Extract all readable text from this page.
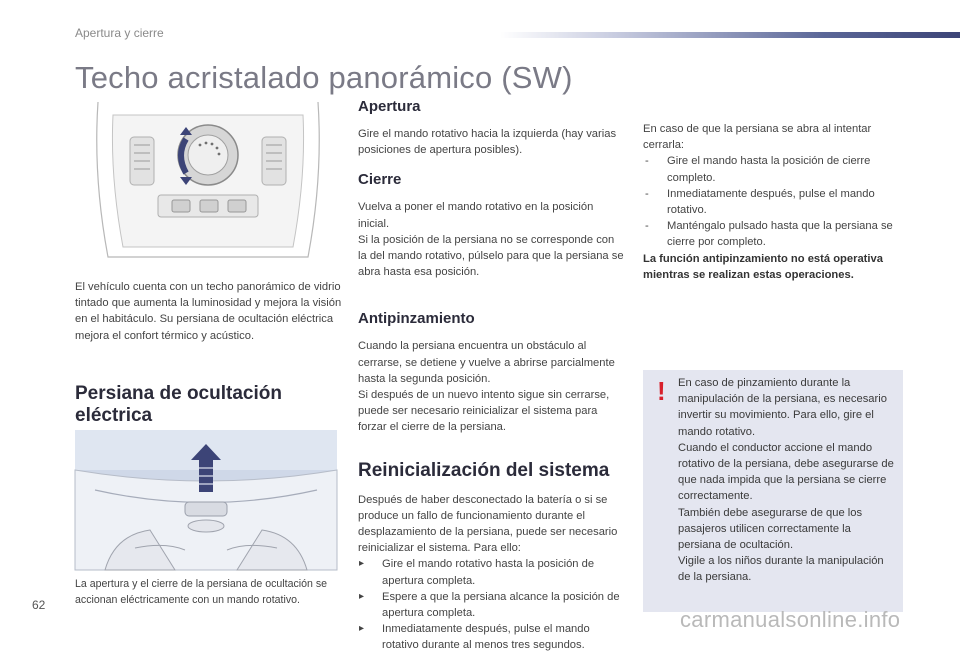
Apertura y cierre
Techo acristalado panorámico (SW)

El vehículo cuenta con un techo panorámico de vidrio tintado que aumenta la luminosidad y mejora la visión en el habitáculo. Su persiana de ocultación eléctrica mejora el confort térmico y acústico.

Persiana de ocultación
eléctrica

La apertura y el cierre de la persiana de ocultación se accionan eléctricamente con un mando rotativo.

Apertura

Gire el mando rotativo hacia la izquierda (hay varias posiciones de apertura posibles).

Cierre

Vuelva a poner el mando rotativo en la posición inicial.

Si la posición de la persiana no se corresponde con la del mando rotativo, púlselo para que la persiana se abra hasta esa posición.

Antipinzamiento

Cuando la persiana encuentra un obstáculo al cerrarse, se detiene y vuelve a abrirse parcialmente hasta la segunda posición.

Si después de un nuevo intento sigue sin cerrarse, puede ser necesario reinicializar el sistema para forzar el cierre de la persiana.

Reinicialización del sistema

Después de haber desconectado la batería o si se produce un fallo de funcionamiento durante el desplazamiento de la persiana, puede ser necesario reinicializar el sistema. Para ello:

▸ Gire el mando rotativo hasta la posición de apertura completa.
▸ Espere a que la persiana alcance la posición de apertura completa.
▸ Inmediatamente después, pulse el mando rotativo durante al menos tres segundos.

En caso de que la persiana se abra al intentar cerrarla:

- Gire el mando hasta la posición de cierre completo.
- Inmediatamente después, pulse el mando rotativo.
- Manténgalo pulsado hasta que la persiana se cierre por completo.

La función antipinzamiento no está operativa mientras se realizan estas operaciones.

! En caso de pinzamiento durante la manipulación de la persiana, es necesario invertir su movimiento. Para ello, gire el mando rotativo.

Cuando el conductor accione el mando rotativo de la persiana, debe asegurarse de que nada impida que la persiana se cierre correctamente.

También debe asegurarse de que los pasajeros utilicen correctamente la persiana de ocultación.

Vigile a los niños durante la manipulación de la persiana.

62
carmanualsonline.info
